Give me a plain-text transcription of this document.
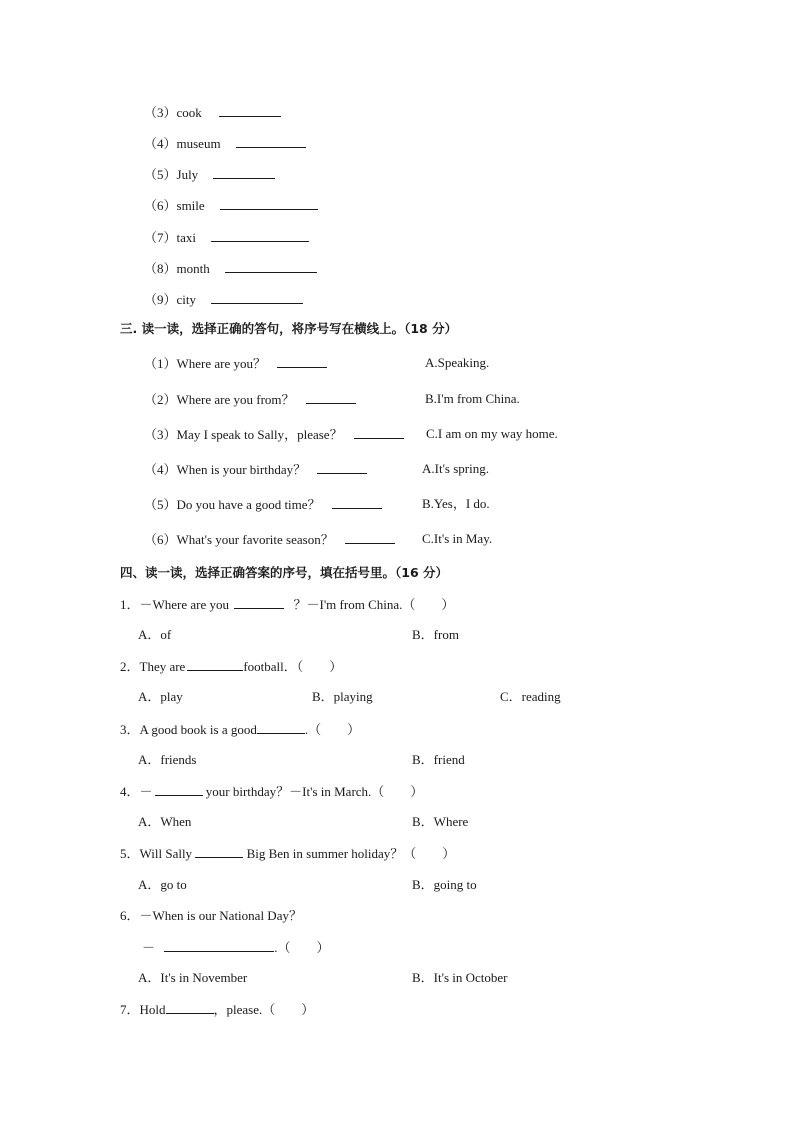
（3）cook
（4）museum
（5）July
（6）smile
（7）taxi
（8）month
（9）city
三. 读一读，选择正确的答句，将序号写在横线上。（18 分）
（1）Where are you？	A.Speaking.
（2）Where are you from？	B.I'm from China.
（3）May I speak to Sally，please？	C.I am on my way home.
（4）When is your birthday？	A.It's spring.
（5）Do you have a good time？	B.Yes，I do.
（6）What's your favorite season？	C.It's in May.
四、读一读，选择正确答案的序号，填在括号里。（16 分）
1．－Where are you	？－I'm from China.（　　）
A．of	B．from
2．They are	football．（　　）
A．play	B．playing	C．reading
3．A good book is a good	.（　　）
A．friends	B．friend
4．－	your birthday？－It's in March.（　　）
A．When	B．Where
5．Will Sally	Big Ben in summer holiday？（　　）
A．go to	B．going to
6．－When is our National Day？
－	.（　　）
A．It's in November	B．It's in October
7．Hold	，please.（　　）
